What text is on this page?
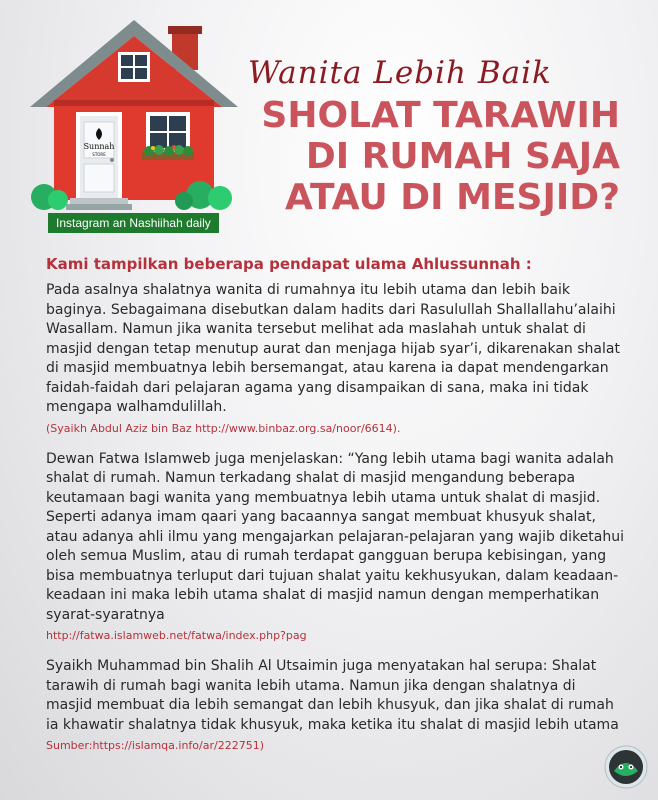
Sunnah
STORE
Instagram an Nashiihah daily
Wanita Lebih Baik
SHOLAT TARAWIH
DI RUMAH SAJA
ATAU DI MESJID?
Kami tampilkan beberapa pendapat ulama Ahlussunnah :
Pada asalnya shalatnya wanita di rumahnya itu lebih utama dan lebih baik baginya. Sebagaimana disebutkan dalam hadits dari Rasulullah Shallallahu’alaihi Wasallam. Namun jika wanita tersebut melihat ada maslahah untuk shalat di masjid dengan tetap menutup aurat dan menjaga hijab syar’i, dikarenakan shalat di masjid membuatnya lebih bersemangat, atau karena ia dapat mendengarkan faidah-faidah dari pelajaran agama yang disampaikan di sana, maka ini tidak mengapa walhamdulillah.
(Syaikh Abdul Aziz bin Baz http://www.binbaz.org.sa/noor/6614).
Dewan Fatwa Islamweb juga menjelaskan: “Yang lebih utama bagi wanita adalah shalat di rumah. Namun terkadang shalat di masjid mengandung beberapa keutamaan bagi wanita yang membuatnya lebih utama untuk shalat di masjid. Seperti adanya imam qaari yang bacaannya sangat membuat khusyuk shalat, atau adanya ahli ilmu yang mengajarkan pelajaran-pelajaran yang wajib diketahui oleh semua Muslim, atau di rumah terdapat gangguan berupa kebisingan, yang bisa membuatnya terluput dari tujuan shalat yaitu kekhusyukan, dalam keadaan-keadaan ini maka lebih utama shalat di masjid namun dengan memperhatikan syarat-syaratnya
http://fatwa.islamweb.net/fatwa/index.php?pag
Syaikh Muhammad bin Shalih Al Utsaimin juga menyatakan hal serupa: Shalat tarawih di rumah bagi wanita lebih utama. Namun jika dengan shalatnya di masjid membuat dia lebih semangat dan lebih khusyuk, dan jika shalat di rumah ia khawatir shalatnya tidak khusyuk, maka ketika itu shalat di masjid lebih utama
Sumber:https://islamqa.info/ar/222751)
